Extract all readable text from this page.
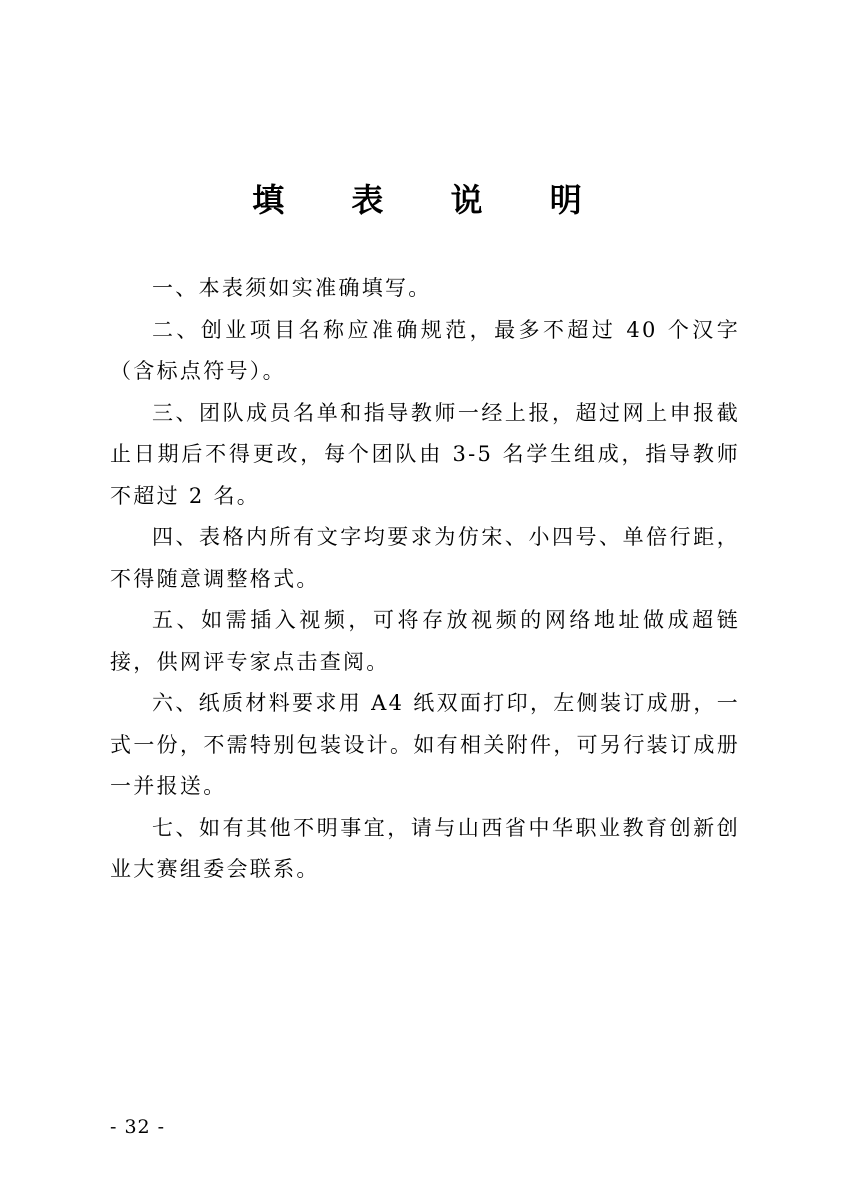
填 表 说 明

一、本表须如实准确填写。

二、创业项目名称应准确规范，最多不超过 40 个汉字（含标点符号）。

三、团队成员名单和指导教师一经上报，超过网上申报截止日期后不得更改，每个团队由 3-5 名学生组成，指导教师不超过 2 名。

四、表格内所有文字均要求为仿宋、小四号、单倍行距，不得随意调整格式。

五、如需插入视频，可将存放视频的网络地址做成超链接，供网评专家点击查阅。

六、纸质材料要求用 A4 纸双面打印，左侧装订成册，一式一份，不需特别包装设计。如有相关附件，可另行装订成册一并报送。

七、如有其他不明事宜，请与山西省中华职业教育创新创业大赛组委会联系。

- 32 -
